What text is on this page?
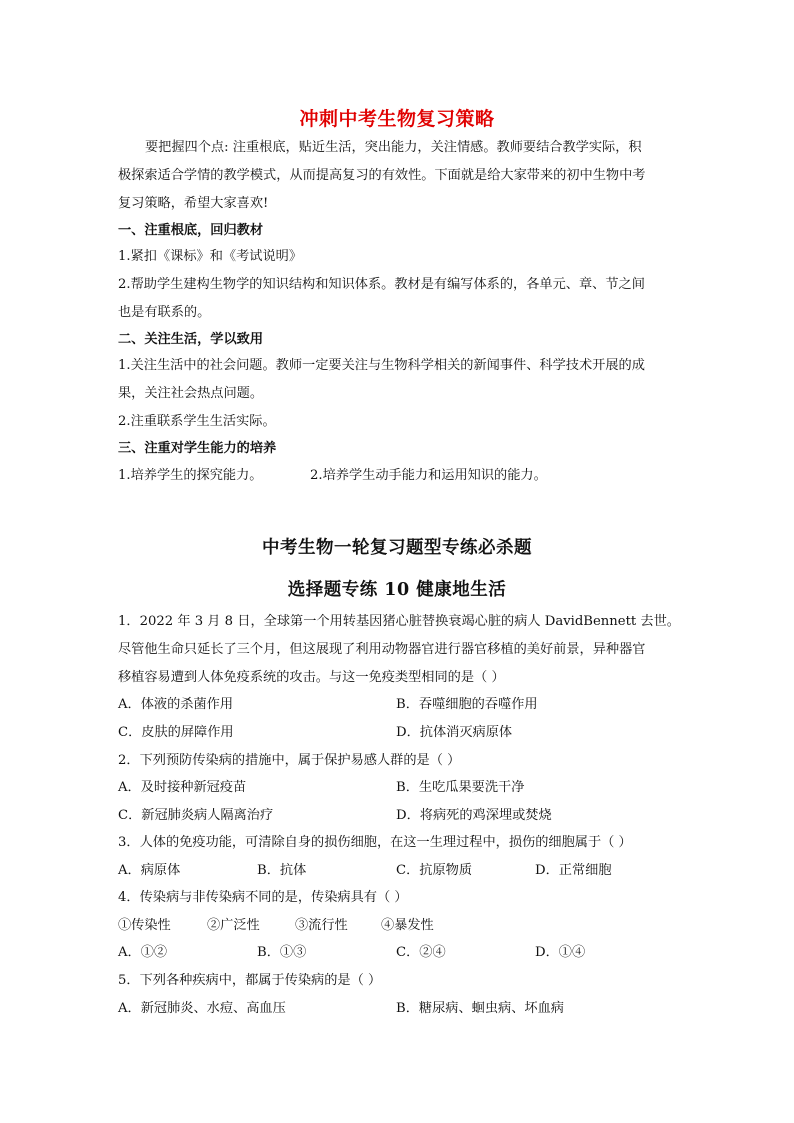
冲刺中考生物复习策略
要把握四个点: 注重根底，贴近生活，突出能力，关注情感。教师要结合教学实际，积
极探索适合学情的教学模式，从而提高复习的有效性。下面就是给大家带来的初中生物中考
复习策略，希望大家喜欢!
一、注重根底，回归教材
1.紧扣《课标》和《考试说明》
2.帮助学生建构生物学的知识结构和知识体系。教材是有编写体系的，各单元、章、节之间
也是有联系的。
二、关注生活，学以致用
1.关注生活中的社会问题。教师一定要关注与生物科学相关的新闻事件、科学技术开展的成
果，关注社会热点问题。
2.注重联系学生生活实际。
三、注重对学生能力的培养
1.培养学生的探究能力。	2.培养学生动手能力和运用知识的能力。
中考生物一轮复习题型专练必杀题
选择题专练 10 健康地生活
1．2022 年 3 月 8 日，全球第一个用转基因猪心脏替换衰竭心脏的病人 DavidBennett 去世。
尽管他生命只延长了三个月，但这展现了利用动物器官进行器官移植的美好前景，异种器官
移植容易遭到人体免疫系统的攻击。与这一免疫类型相同的是（ ）
A．体液的杀菌作用	B．吞噬细胞的吞噬作用
C．皮肤的屏障作用	D．抗体消灭病原体
2．下列预防传染病的措施中，属于保护易感人群的是（ ）
A．及时接种新冠疫苗	B．生吃瓜果要洗干净
C．新冠肺炎病人隔离治疗	D．将病死的鸡深埋或焚烧
3．人体的免疫功能，可清除自身的损伤细胞，在这一生理过程中，损伤的细胞属于（ ）
A．病原体	B．抗体	C．抗原物质	D．正常细胞
4．传染病与非传染病不同的是，传染病具有（ ）
①传染性	②广泛性	③流行性	④暴发性
A．①②	B．①③	C．②④	D．①④
5．下列各种疾病中，都属于传染病的是（ ）
A．新冠肺炎、水痘、高血压	B．糖尿病、蛔虫病、坏血病
